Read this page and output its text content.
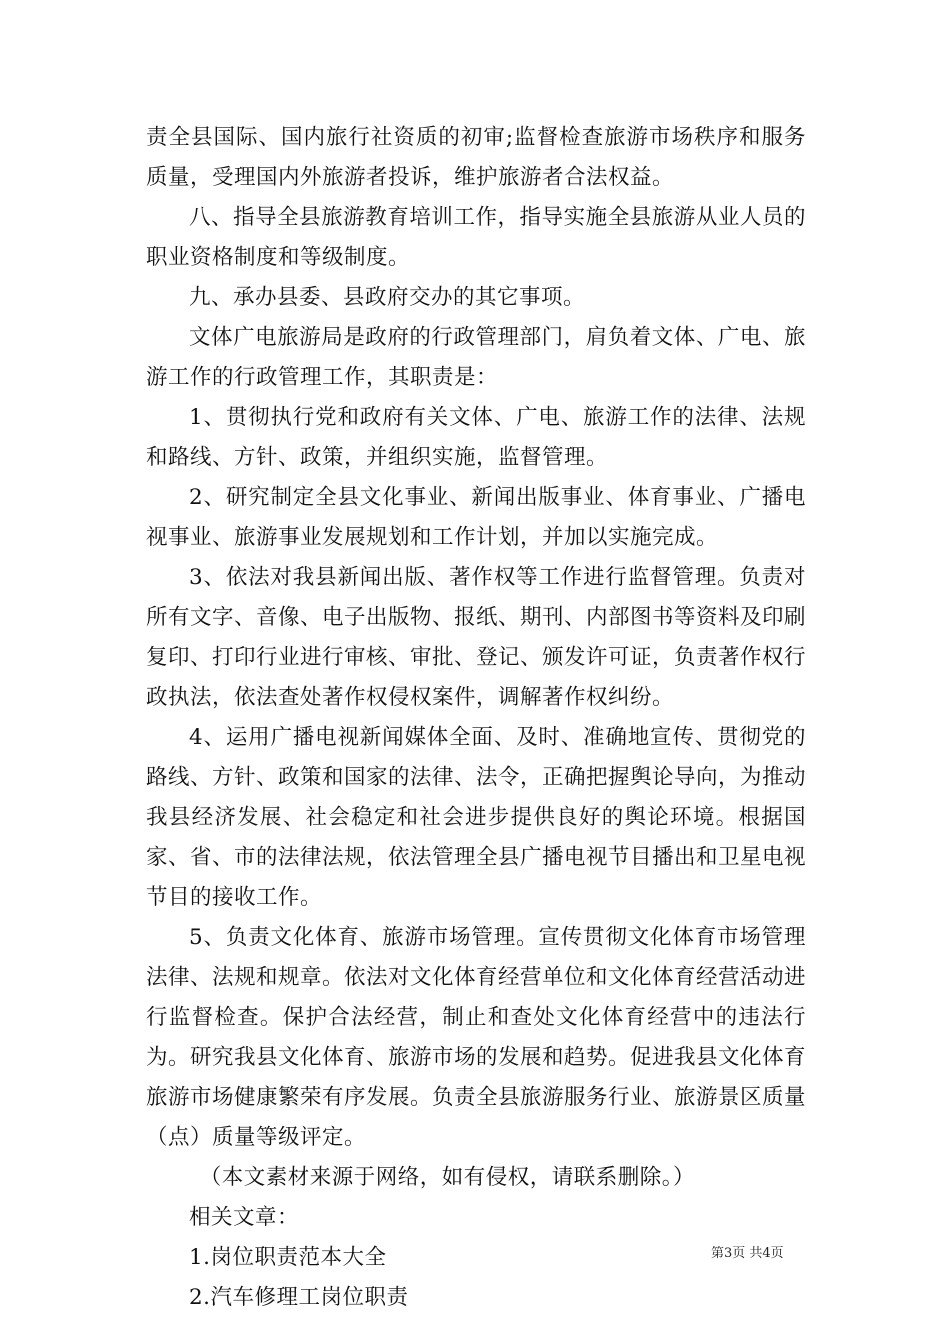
责全县国际、国内旅行社资质的初审;监督检查旅游市场秩序和服务质量，受理国内外旅游者投诉，维护旅游者合法权益。

八、指导全县旅游教育培训工作，指导实施全县旅游从业人员的职业资格制度和等级制度。

九、承办县委、县政府交办的其它事项。

文体广电旅游局是政府的行政管理部门，肩负着文体、广电、旅游工作的行政管理工作，其职责是：

1、贯彻执行党和政府有关文体、广电、旅游工作的法律、法规和路线、方针、政策，并组织实施，监督管理。

2、研究制定全县文化事业、新闻出版事业、体育事业、广播电视事业、旅游事业发展规划和工作计划，并加以实施完成。

3、依法对我县新闻出版、著作权等工作进行监督管理。负责对所有文字、音像、电子出版物、报纸、期刊、内部图书等资料及印刷复印、打印行业进行审核、审批、登记、颁发许可证，负责著作权行政执法，依法查处著作权侵权案件，调解著作权纠纷。

4、运用广播电视新闻媒体全面、及时、准确地宣传、贯彻党的路线、方针、政策和国家的法律、法令，正确把握舆论导向，为推动我县经济发展、社会稳定和社会进步提供良好的舆论环境。根据国家、省、市的法律法规，依法管理全县广播电视节目播出和卫星电视节目的接收工作。

5、负责文化体育、旅游市场管理。宣传贯彻文化体育市场管理法律、法规和规章。依法对文化体育经营单位和文化体育经营活动进行监督检查。保护合法经营，制止和查处文化体育经营中的违法行为。研究我县文化体育、旅游市场的发展和趋势。促进我县文化体育旅游市场健康繁荣有序发展。负责全县旅游服务行业、旅游景区质量（点）质量等级评定。

（本文素材来源于网络，如有侵权，请联系删除。）

相关文章：

1.岗位职责范本大全

2.汽车修理工岗位职责

第3页 共4页
